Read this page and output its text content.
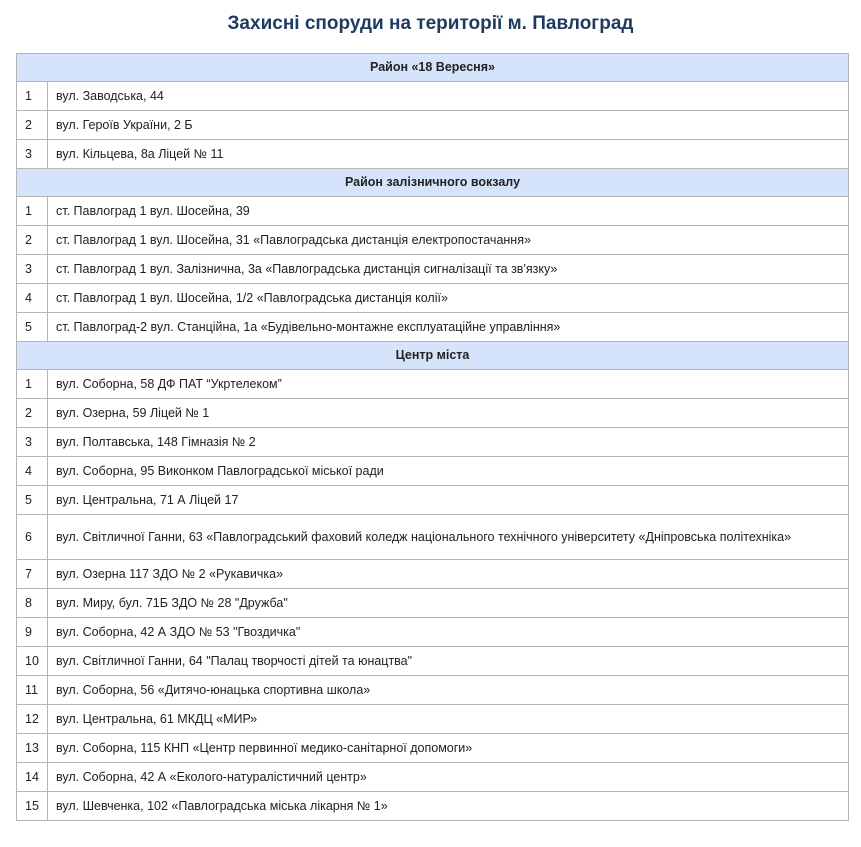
Захисні споруди на території м. Павлоград
Район «18 Вересня»	
1	вул. Заводська, 44
2	вул. Героїв України, 2 Б
3	вул. Кільцева, 8а Ліцей № 11
Район залізничного вокзалу	
1	ст. Павлоград 1 вул. Шосейна, 39
2	ст. Павлоград 1 вул. Шосейна, 31 «Павлоградська дистанція електропостачання»
3	ст. Павлоград 1 вул. Залізнична, 3а «Павлоградська дистанція сигналізації та зв'язку»
4	ст. Павлоград 1 вул. Шосейна, 1/2 «Павлоградська дистанція колії»
5	ст. Павлоград-2 вул. Станційна, 1а «Будівельно-монтажне експлуатаційне управління»
Центр міста	
1	вул. Соборна, 58 ДФ ПАТ “Укртелеком”
2	вул. Озерна, 59 Ліцей № 1
3	вул. Полтавська, 148 Гімназія № 2
4	вул. Соборна, 95 Виконком Павлоградської міської ради
5	вул. Центральна, 71 А Ліцей 17
6	вул. Світличної Ганни, 63 «Павлоградський фаховий коледж національного технічного університету «Дніпровська політехніка»
7	вул. Озерна 117 ЗДО № 2 «Рукавичка»
8	вул. Миру, бул. 71Б ЗДО № 28 "Дружба"
9	вул. Соборна, 42 А ЗДО № 53 "Гвоздичка"
10	вул. Світличної Ганни, 64 "Палац творчості дітей та юнацтва"
11	вул. Соборна, 56 «Дитячо-юнацька спортивна школа»
12	вул. Центральна, 61 МКДЦ «МИР»
13	вул. Соборна, 115 КНП «Центр первинної медико-санітарної допомоги»
14	вул. Соборна, 42 А «Еколого-натуралістичний центр»
15	вул. Шевченка, 102 «Павлоградська міська лікарня № 1»
